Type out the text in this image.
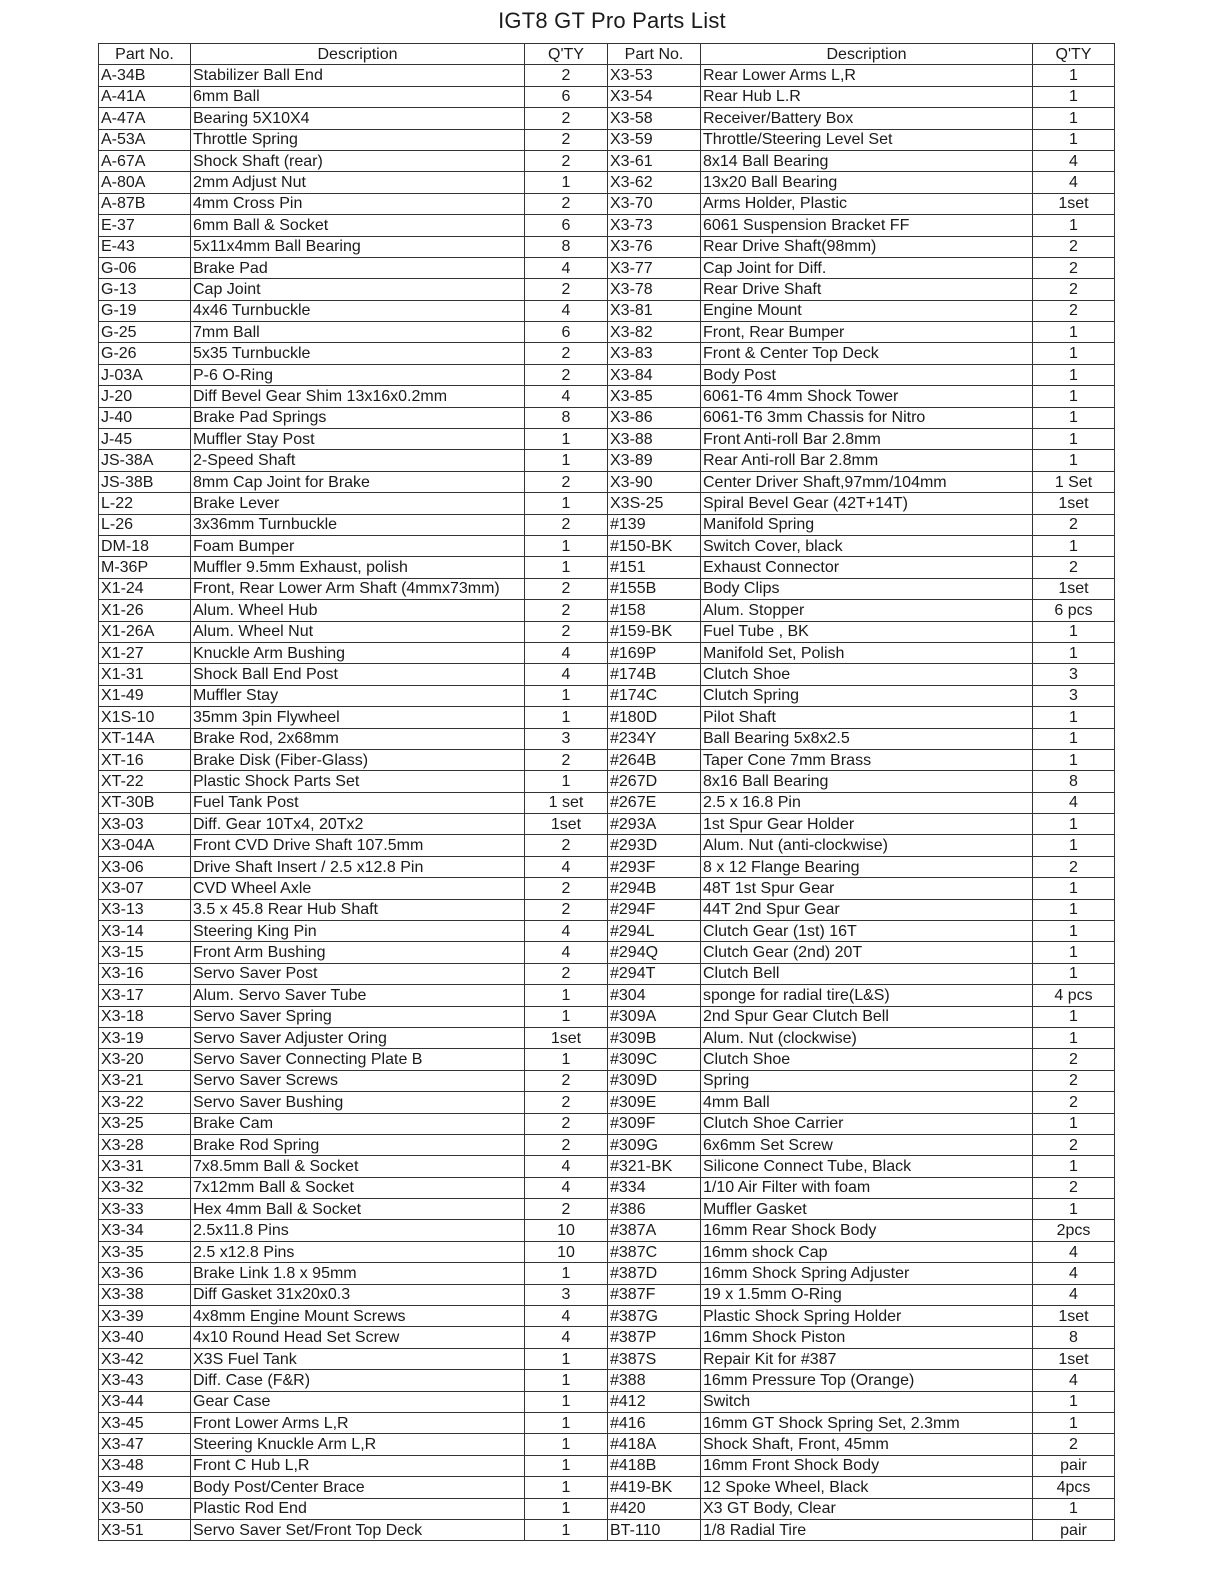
IGT8 GT Pro Parts List
Part No.	Description	Q'TY	Part No.	Description	Q'TY
A-34B	Stabilizer Ball End	2	X3-53	Rear Lower Arms L,R	1
A-41A	6mm Ball	6	X3-54	Rear Hub L.R	1
A-47A	Bearing 5X10X4	2	X3-58	Receiver/Battery Box	1
A-53A	Throttle Spring	2	X3-59	Throttle/Steering Level Set	1
A-67A	Shock Shaft (rear)	2	X3-61	8x14 Ball Bearing	4
A-80A	2mm Adjust Nut	1	X3-62	13x20 Ball Bearing	4
A-87B	4mm Cross Pin	2	X3-70	Arms Holder, Plastic	1set
E-37	6mm Ball & Socket	6	X3-73	6061 Suspension Bracket FF	1
E-43	5x11x4mm Ball Bearing	8	X3-76	Rear Drive Shaft(98mm)	2
G-06	Brake Pad	4	X3-77	Cap Joint for Diff.	2
G-13	Cap Joint	2	X3-78	Rear Drive Shaft	2
G-19	4x46 Turnbuckle	4	X3-81	Engine Mount	2
G-25	7mm Ball	6	X3-82	Front, Rear Bumper	1
G-26	5x35 Turnbuckle	2	X3-83	Front & Center Top Deck	1
J-03A	P-6 O-Ring	2	X3-84	Body Post	1
J-20	Diff Bevel Gear Shim 13x16x0.2mm	4	X3-85	6061-T6 4mm Shock Tower	1
J-40	Brake Pad Springs	8	X3-86	6061-T6 3mm Chassis for Nitro	1
J-45	Muffler Stay Post	1	X3-88	Front Anti-roll Bar 2.8mm	1
JS-38A	2-Speed Shaft	1	X3-89	Rear Anti-roll Bar 2.8mm	1
JS-38B	8mm Cap Joint for Brake	2	X3-90	Center Driver Shaft,97mm/104mm	1 Set
L-22	Brake Lever	1	X3S-25	Spiral Bevel Gear (42T+14T)	1set
L-26	3x36mm Turnbuckle	2	#139	Manifold Spring	2
DM-18	Foam Bumper	1	#150-BK	Switch Cover, black	1
M-36P	Muffler 9.5mm Exhaust, polish	1	#151	Exhaust Connector	2
X1-24	Front, Rear Lower Arm Shaft (4mmx73mm)	2	#155B	Body Clips	1set
X1-26	Alum. Wheel Hub	2	#158	Alum. Stopper	6 pcs
X1-26A	Alum. Wheel Nut	2	#159-BK	Fuel Tube , BK	1
X1-27	Knuckle Arm Bushing	4	#169P	Manifold Set, Polish	1
X1-31	Shock Ball End Post	4	#174B	Clutch Shoe	3
X1-49	Muffler Stay	1	#174C	Clutch Spring	3
X1S-10	35mm 3pin Flywheel	1	#180D	Pilot Shaft	1
XT-14A	Brake Rod, 2x68mm	3	#234Y	Ball Bearing 5x8x2.5	1
XT-16	Brake Disk (Fiber-Glass)	2	#264B	Taper Cone 7mm Brass	1
XT-22	Plastic Shock Parts Set	1	#267D	8x16 Ball Bearing	8
XT-30B	Fuel Tank Post	1 set	#267E	2.5 x 16.8 Pin	4
X3-03	Diff. Gear 10Tx4, 20Tx2	1set	#293A	1st Spur Gear Holder	1
X3-04A	Front CVD Drive Shaft 107.5mm	2	#293D	Alum. Nut (anti-clockwise)	1
X3-06	Drive Shaft Insert / 2.5 x12.8 Pin	4	#293F	8 x 12 Flange Bearing	2
X3-07	CVD Wheel Axle	2	#294B	48T 1st Spur Gear	1
X3-13	3.5 x 45.8 Rear Hub Shaft	2	#294F	44T 2nd Spur Gear	1
X3-14	Steering King Pin	4	#294L	Clutch Gear (1st) 16T	1
X3-15	Front Arm Bushing	4	#294Q	Clutch Gear (2nd) 20T	1
X3-16	Servo Saver Post	2	#294T	Clutch Bell	1
X3-17	Alum. Servo Saver Tube	1	#304	sponge for radial tire(L&S)	4 pcs
X3-18	Servo Saver Spring	1	#309A	2nd Spur Gear Clutch Bell	1
X3-19	Servo Saver Adjuster Oring	1set	#309B	Alum. Nut (clockwise)	1
X3-20	Servo Saver Connecting Plate B	1	#309C	Clutch Shoe	2
X3-21	Servo Saver Screws	2	#309D	Spring	2
X3-22	Servo Saver Bushing	2	#309E	4mm Ball	2
X3-25	Brake Cam	2	#309F	Clutch Shoe Carrier	1
X3-28	Brake Rod Spring	2	#309G	6x6mm Set Screw	2
X3-31	7x8.5mm Ball & Socket	4	#321-BK	Silicone Connect Tube, Black	1
X3-32	7x12mm Ball & Socket	4	#334	1/10 Air Filter with foam	2
X3-33	Hex 4mm Ball & Socket	2	#386	Muffler Gasket	1
X3-34	2.5x11.8 Pins	10	#387A	16mm Rear Shock Body	2pcs
X3-35	2.5 x12.8 Pins	10	#387C	16mm shock Cap	4
X3-36	Brake Link 1.8 x 95mm	1	#387D	16mm Shock Spring Adjuster	4
X3-38	Diff Gasket 31x20x0.3	3	#387F	19 x 1.5mm O-Ring	4
X3-39	4x8mm Engine Mount Screws	4	#387G	Plastic Shock Spring Holder	1set
X3-40	4x10 Round Head Set Screw	4	#387P	16mm Shock Piston	8
X3-42	X3S Fuel Tank	1	#387S	Repair Kit for #387	1set
X3-43	Diff. Case (F&R)	1	#388	16mm Pressure Top (Orange)	4
X3-44	Gear Case	1	#412	Switch	1
X3-45	Front Lower Arms L,R	1	#416	16mm GT Shock Spring Set, 2.3mm	1
X3-47	Steering Knuckle Arm L,R	1	#418A	Shock Shaft, Front, 45mm	2
X3-48	Front C Hub L,R	1	#418B	16mm Front Shock Body	pair
X3-49	Body Post/Center Brace	1	#419-BK	12 Spoke Wheel, Black	4pcs
X3-50	Plastic Rod End	1	#420	X3 GT Body, Clear	1
X3-51	Servo Saver Set/Front Top Deck	1	BT-110	1/8 Radial Tire	pair
